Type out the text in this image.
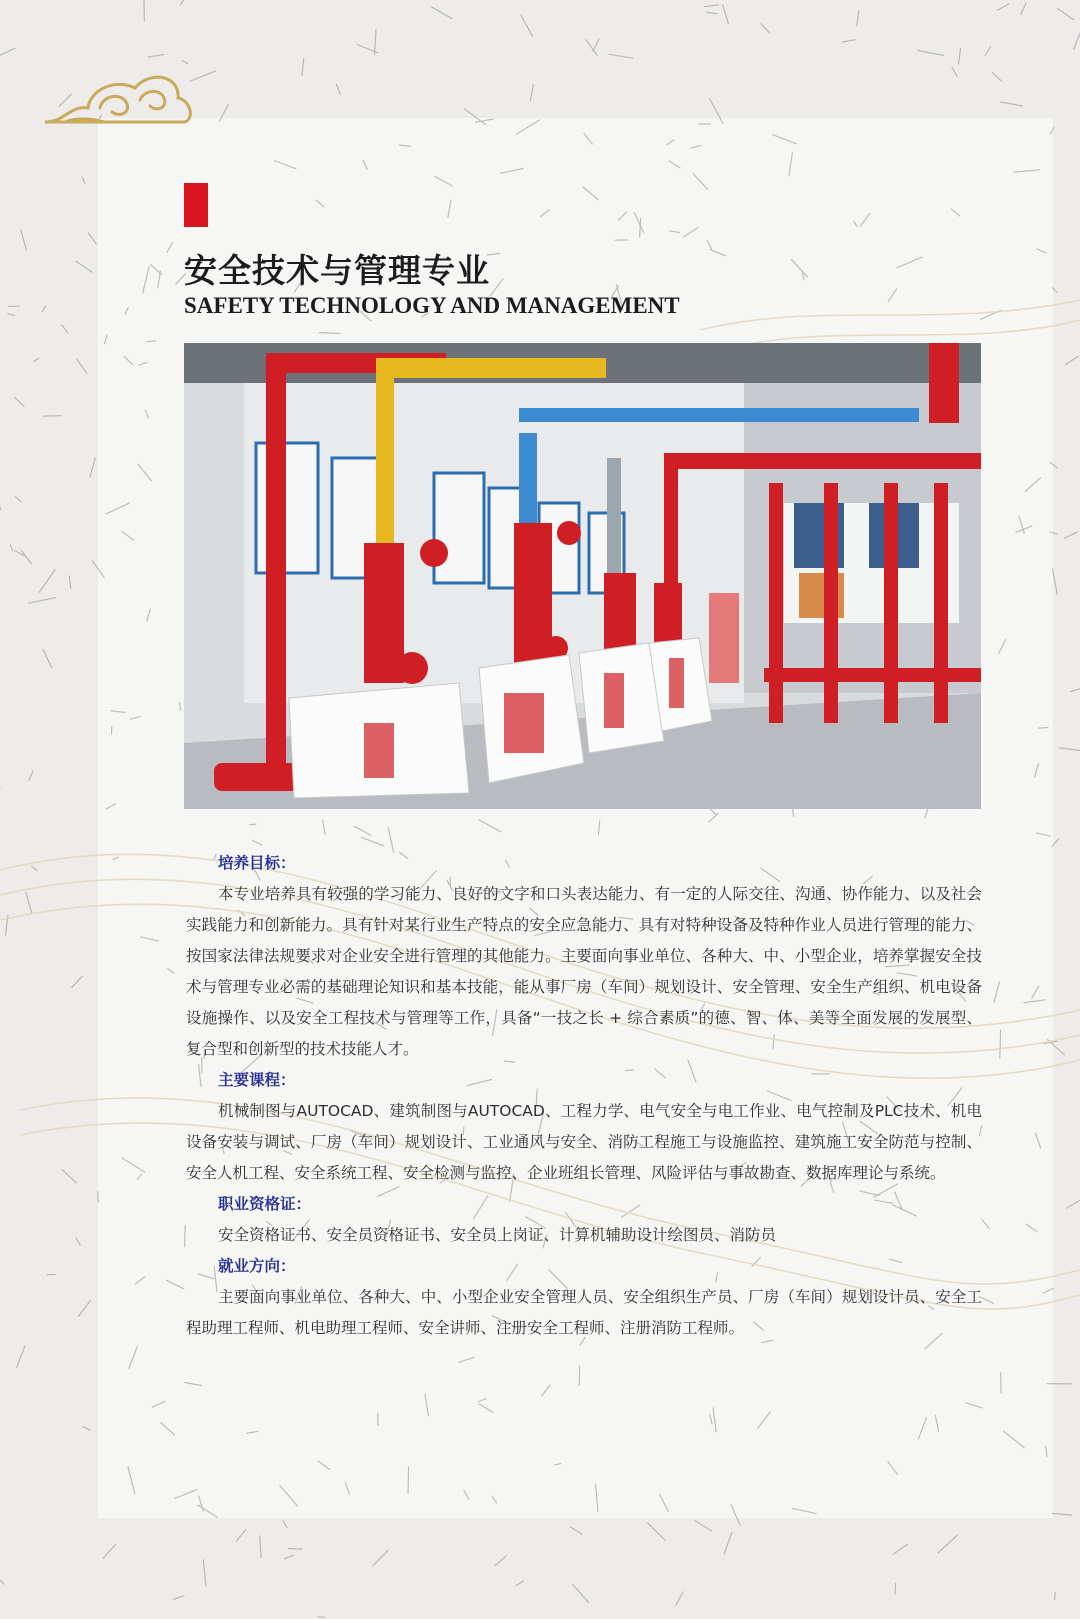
安全技术与管理专业
SAFETY TECHNOLOGY AND MANAGEMENT
培养目标：

本专业培养具有较强的学习能力、良好的文字和口头表达能力、有一定的人际交往、沟通、协作能力、以及社会实践能力和创新能力。具有针对某行业生产特点的安全应急能力、具有对特种设备及特种作业人员进行管理的能力、按国家法律法规要求对企业安全进行管理的其他能力。主要面向事业单位、各种大、中、小型企业，培养掌握安全技术与管理专业必需的基础理论知识和基本技能，能从事厂房（车间）规划设计、安全管理、安全生产组织、机电设备设施操作、以及安全工程技术与管理等工作，具备“一技之长 + 综合素质”的德、智、体、美等全面发展的发展型、复合型和创新型的技术技能人才。

主要课程：

机械制图与AUTOCAD、建筑制图与AUTOCAD、工程力学、电气安全与电工作业、电气控制及PLC技术、机电设备安装与调试、厂房（车间）规划设计、工业通风与安全、消防工程施工与设施监控、建筑施工安全防范与控制、安全人机工程、安全系统工程、安全检测与监控、企业班组长管理、风险评估与事故勘查、数据库理论与系统。

职业资格证：

安全资格证书、安全员资格证书、安全员上岗证、计算机辅助设计绘图员、消防员

就业方向：

主要面向事业单位、各种大、中、小型企业安全管理人员、安全组织生产员、厂房（车间）规划设计员、安全工程助理工程师、机电助理工程师、安全讲师、注册安全工程师、注册消防工程师。
